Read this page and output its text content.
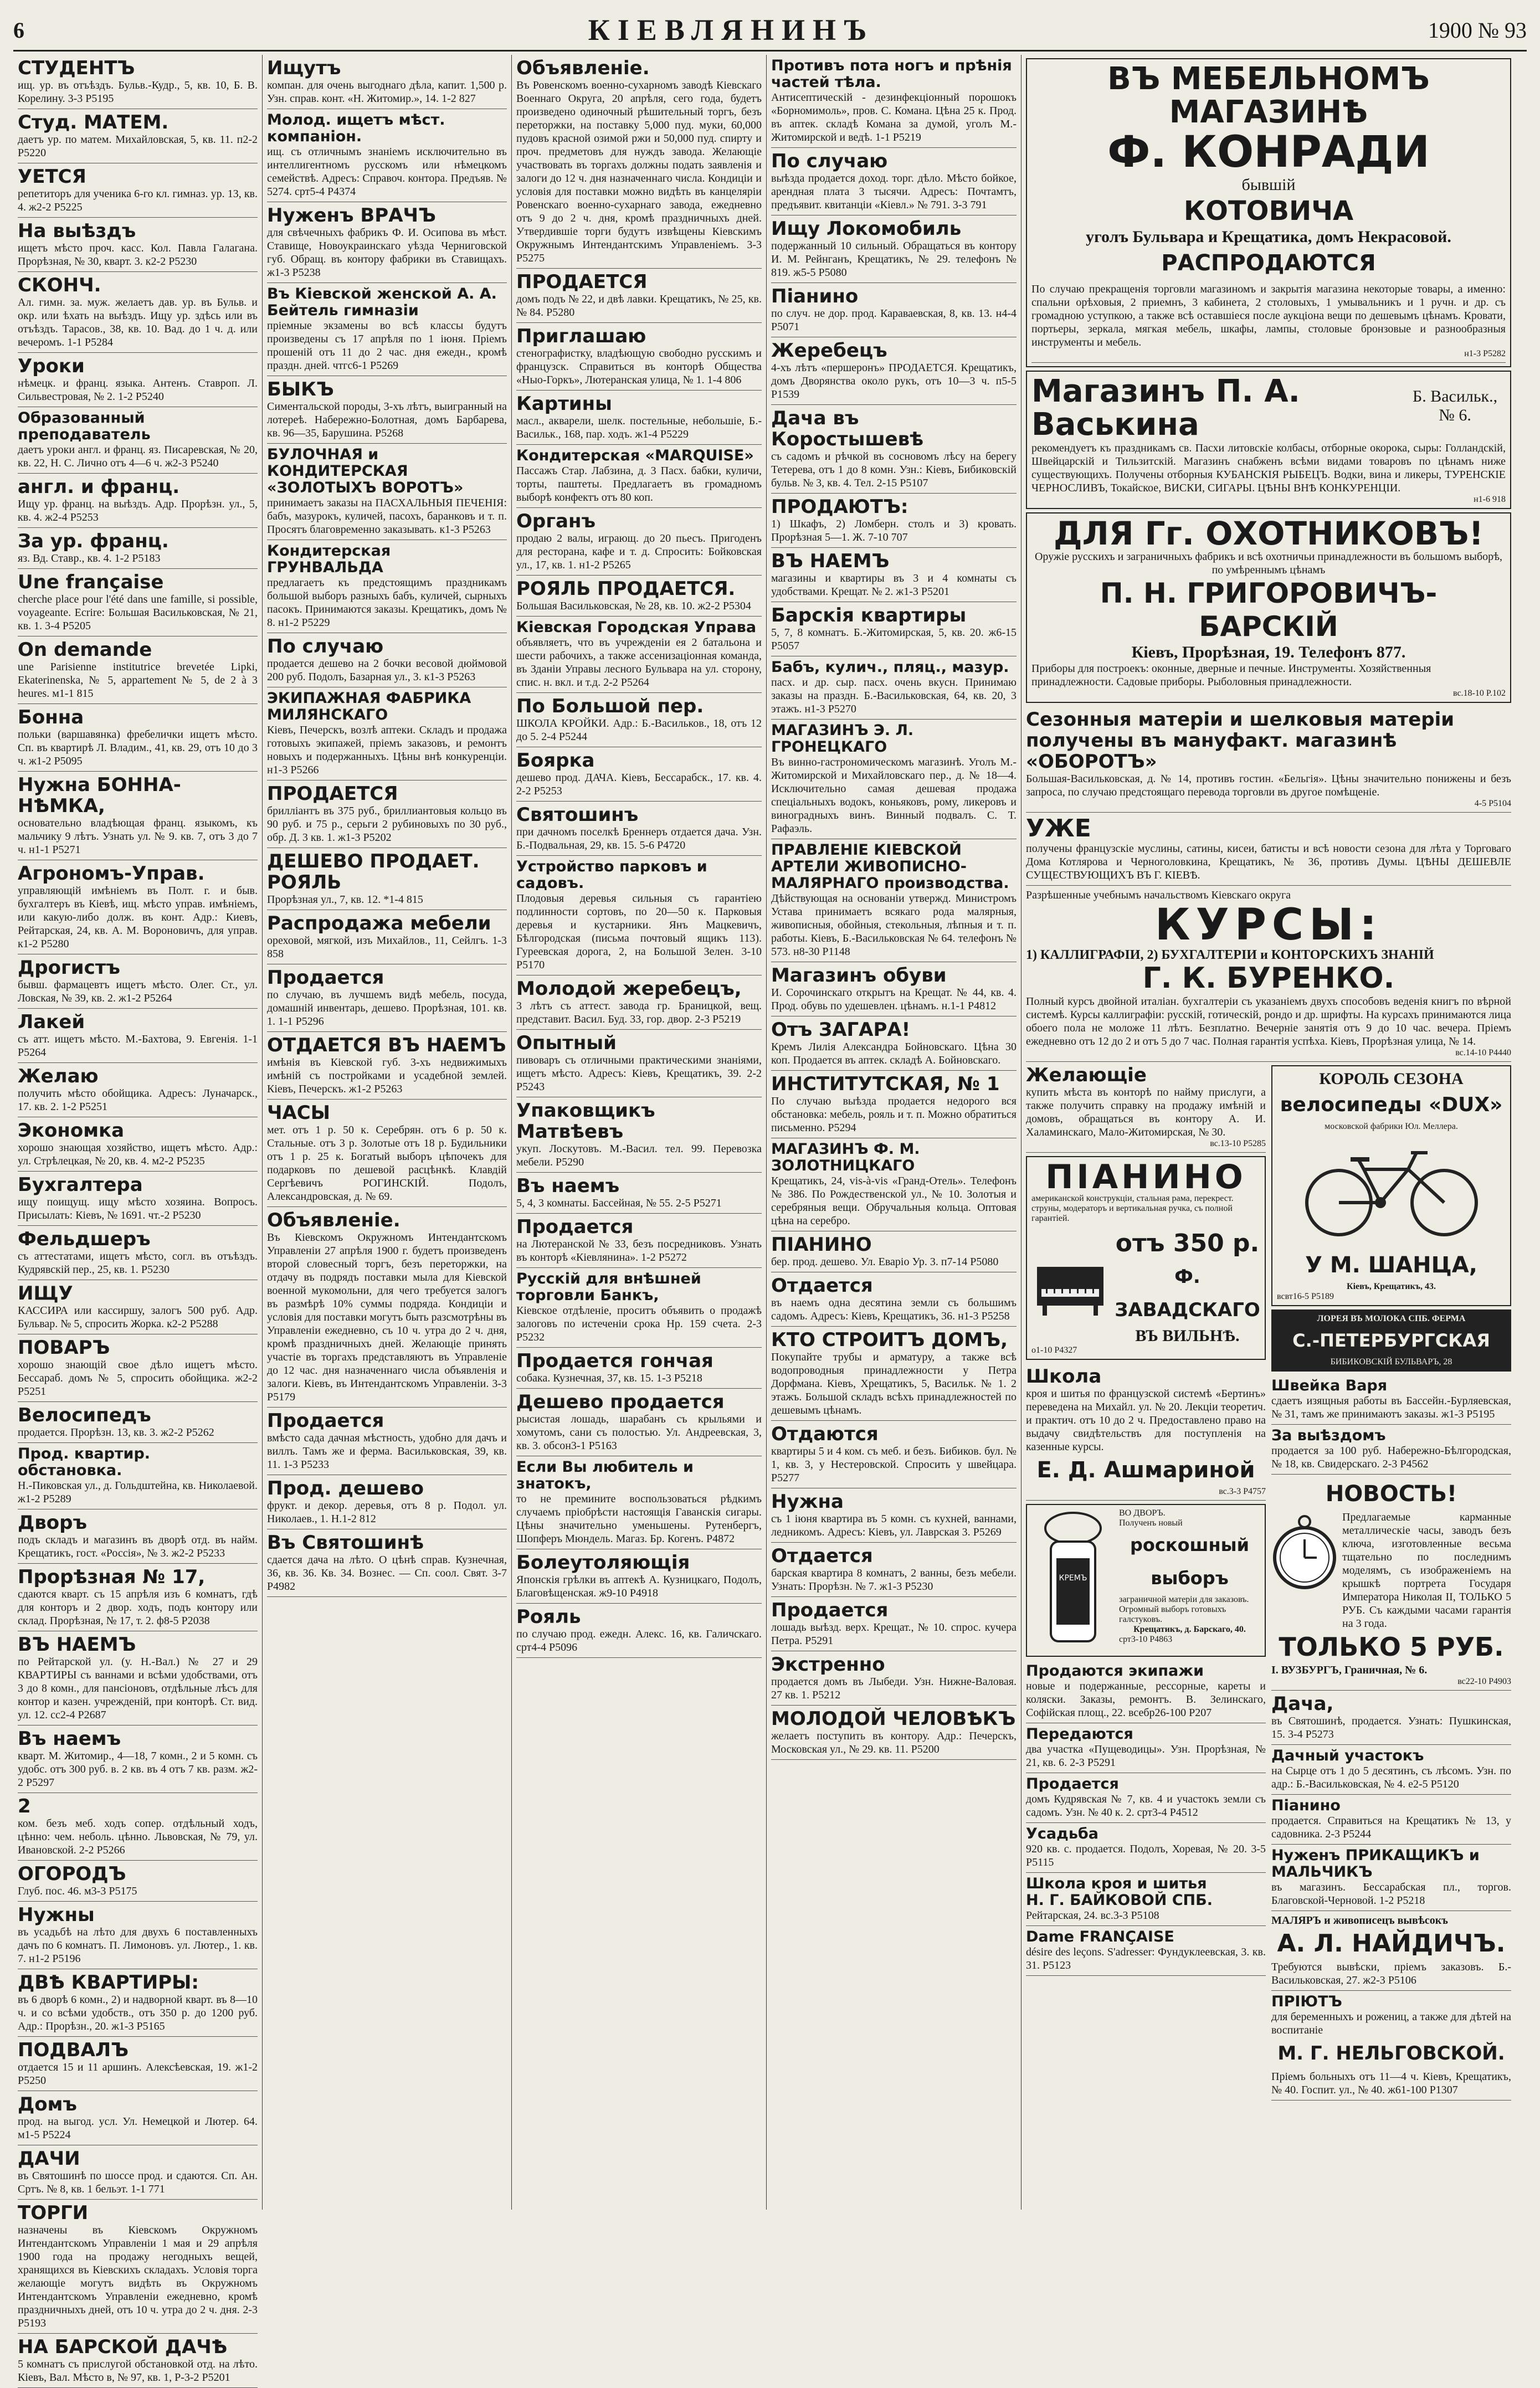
6	КІЕВЛЯНИНЪ	1900 № 93
СТУДЕНТЪ
ищ. ур. въ отъѣздъ. Бульв.-Кудр., 5, кв. 10, Б. В. Корелину. 3-3 P5195
Студ. МАТЕМ.
даетъ ур. по матем. Михайловская, 5, кв. 11. п2-2 P5220
УЕТСЯ
репетиторъ для ученика 6-го кл. гимназ. ур. 13, кв. 4. ж2-2 P5225
На выѣздъ
ищетъ мѣсто проч. касс. Кол. Павла Галагана. Прорѣзная, № 30, кварт. 3. к2-2 P5230
СКОНЧ.
Ал. гимн. за. муж. желаетъ дав. ур. въ Бульв. и окр. или ѣхать на выѣздъ. Ищу ур. здѣсь или въ отъѣздъ. Тарасов., 38, кв. 10. Вад. до 1 ч. д. или вечеромъ. 1-1 P5284
Уроки
нѣмецк. и франц. языка. Антенъ. Ставроп. Л. Сильвестровая, № 2. 1-2 P5240
Образованный преподаватель
даетъ уроки англ. и франц. яз. Писаревская, № 20, кв. 22, Н. С. Лично отъ 4—6 ч. ж2-3 P5240
англ. и франц.
Ищу ур. франц. на выѣздъ. Адр. Прорѣзн. ул., 5, кв. 4. ж2-4 P5253
За ур. франц.
яз. Вд. Ставр., кв. 4. 1-2 P5183
Une française
cherche place pour l'été dans une famille, si possible, voyageante. Ecrire: Большая Васильковская, № 21, кв. 1. 3-4 P5205
On demande
une Parisienne institutrice brevetée Lipki, Ekaterinenska, № 5, appartement № 5, de 2 à 3 heures. м1-1 815
Бонна
польки (варшавянка) фребелички ищетъ мѣсто. Сп. въ квартирѣ Л. Владим., 41, кв. 29, отъ 10 до 3 ч. ж1-2 P5095
Нужна БОННА-НѢМКА,
основательно владѣющая франц. языкомъ, къ мальчику 9 лѣтъ. Узнать ул. № 9. кв. 7, отъ 3 до 7 ч. н1-1 P5271
Агрономъ-Управ.
управляющій имѣніемъ въ Полт. г. и быв. бухгалтеръ въ Кіевѣ, ищ. мѣсто управ. имѣніемъ, или какую-либо долж. въ конт. Адр.: Киевъ, Рейтарская, 24, кв. А. М. Вороновичъ, для управ. к1-2 P5280
Дрогистъ
бывш. фармацевтъ ищетъ мѣсто. Олег. Ст., ул. Ловская, № 39, кв. 2. ж1-2 P5264
Лакей
съ атт. ищетъ мѣсто. М.-Бахтова, 9. Евгенія. 1-1 P5264
Желаю
получить мѣсто обойщика. Адресъ: Луначарск., 17. кв. 2. 1-2 P5251
Экономка
хорошо знающая хозяйство, ищетъ мѣсто. Адр.: ул. Стрѣлецкая, № 20, кв. 4. м2-2 P5235
Бухгалтера
ищу поищущ. ищу мѣсто хозяина. Вопросъ. Присылать: Кіевъ, № 1691. чт.-2 P5230
Фельдшеръ
съ аттестатами, ищетъ мѣсто, согл. въ отъѣздъ. Кудрявскій пер., 25, кв. 1. P5230
ИЩУ
КАССИРА или кассиршу, залогъ 500 руб. Адр. Бульвар. № 5, спросить Жорка. к2-2 P5288
ПОВАРЪ
хорошо знающій свое дѣло ищетъ мѣсто. Бессараб. домъ № 5, спросить обойщика. ж2-2 P5251
Велосипедъ
продается. Прорѣзн. 13, кв. 3. ж2-2 P5262
Прод. квартир. обстановка.
Н.-Пиковская ул., д. Гольдштейна, кв. Николаевой. ж1-2 P5289
Дворъ
подъ складъ и магазинъ въ дворѣ отд. въ найм. Крещатикъ, гост. «Россія», № 3. ж2-2 P5233
Прорѣзная № 17,
сдаются кварт. съ 15 апрѣля изъ 6 комнатъ, гдѣ для конторъ и 2 двор. ходъ, подъ контору или склад. Прорѣзная, № 17, т. 2. ф8-5 P2038
ВЪ НАЕМЪ
по Рейтарской ул. (у. Н.-Вал.) № 27 и 29 КВАРТИРЫ съ ваннами и всѣми удобствами, отъ 3 до 8 комн., для пансіоновъ, отдѣльные лѣсъ для контор и казен. учрежденій, при конторѣ. Ст. вид. ул. 12. сс2-4 P2687
Въ наемъ
кварт. М. Житомир., 4—18, 7 комн., 2 и 5 комн. съ удобс. отъ 300 руб. в. 2 кв. въ 4 отъ 7 кв. разм. ж2-2 P5297
2
ком. безъ меб. ходъ сопер. отдѣльный ходъ, цѣнно: чем. неболь. цѣнно. Львовская, № 79, ул. Ивановской. 2-2 P5266
ОГОРОДЪ
Глуб. пос. 46. м3-3 P5175
Нужны
въ усадьбѣ на лѣто для двухъ 6 поставленныхъ дачъ по 6 комнатъ. П. Лимоновъ. ул. Лютер., 1. кв. 7. н1-2 P5196
ДВѢ КВАРТИРЫ:
въ 6 дворѣ 6 комн., 2) и надворной кварт. въ 8—10 ч. и со всѣми удобств., отъ 350 р. до 1200 руб. Адр.: Прорѣзн., 20. ж1-3 P5165
ПОДВАЛЪ
отдается 15 и 11 аршинъ. Алексѣевская, 19. ж1-2 P5250
Домъ
прод. на выгод. усл. Ул. Немецкой и Лютер. 64. м1-5 P5224
ДАЧИ
въ Святошинѣ по шоссе прод. и сдаются. Сп. Ан. Сртъ. № 8, кв. 1 бельэт. 1-1 771
ТОРГИ
назначены въ Кіевскомъ Окружномъ Интендантскомъ Управленіи 1 мая и 29 апрѣля 1900 года на продажу негодныхъ вещей, хранящихся въ Кіевскихъ складахъ. Условія торга желающіе могутъ видѣть въ Окружномъ Интендантскомъ Управленіи ежедневно, кромѣ праздничныхъ дней, отъ 10 ч. утра до 2 ч. дня. 2-3 P5193
НА БАРСКОЙ ДАЧѢ
5 комнатъ съ прислугой обстановкой отд. на лѣто. Кіевъ, Вал. Мѣсто в, № 97, кв. 1, P-3-2 P5201
Ищутъ
компан. для очень выгоднаго дѣла, капит. 1,500 р. Узн. справ. конт. «Н. Житомир.», 14. 1-2 827
Молод. ищетъ мѣст. компаніон.
ищ. съ отличнымъ знаніемъ исключительно въ интеллигентномъ русскомъ или нѣмецкомъ семействѣ. Адресъ: Справоч. контора. Предъяв. № 5274. срт5-4 P4374
Нуженъ ВРАЧЪ
для свѣчечныхъ фабрикъ Ф. И. Осипова въ мѣст. Ставище, Новоукраинскаго уѣзда Черниговской губ. Обращ. въ контору фабрики въ Ставищахъ. ж1-3 P5238
Въ Кіевской женской А. А. Бейтель гимназіи
пріемные экзамены во всѣ классы будутъ произведены съ 17 апрѣля по 1 іюня. Пріемъ прошеній отъ 11 до 2 час. дня ежедн., кромѣ праздн. дней. чтгс6-1 P5269
БЫКЪ
Симентальской породы, 3-хъ лѣтъ, выигранный на лотереѣ. Набережно-Болотная, домъ Барбарева, кв. 96—35, Барушина. P5268
БУЛОЧНАЯ и КОНДИТЕРСКАЯ «ЗОЛОТЫХЪ ВОРОТЪ»
принимаетъ заказы на ПАСХАЛЬНЫЯ ПЕЧЕНІЯ: бабъ, мазурокъ, куличей, пасохъ, баранковъ и т. п. Просятъ благовременно заказывать. к1-3 P5263
Кондитерская ГРУНВАЛЬДА
предлагаетъ къ предстоящимъ праздникамъ большой выборъ разныхъ бабъ, куличей, сырныхъ пасокъ. Принимаются заказы. Крещатикъ, домъ № 8. н1-2 P5229
По случаю
продается дешево на 2 бочки весовой дюймовой 200 руб. Подолъ, Базарная ул., 3. к1-3 P5263
ЭКИПАЖНАЯ ФАБРИКА МИЛЯНСКАГО
Кіевъ, Печерскъ, возлѣ аптеки. Складъ и продажа готовыхъ экипажей, пріемъ заказовъ, и ремонтъ новыхъ и подержанныхъ. Цѣны внѣ конкуренціи. н1-3 P5266
ПРОДАЕТСЯ
брилліантъ въ 375 руб., бриллиантовыя кольцо въ 90 руб. и 75 р., серьги 2 рубиновыхъ по 30 руб., обр. Д. 3 кв. 1. ж1-3 P5202
ДЕШЕВО ПРОДАЕТ. РОЯЛЬ
Прорѣзная ул., 7, кв. 12. *1-4 815
Распродажа мебели
ореховой, мягкой, изъ Михайлов., 11, Сейлгь. 1-3 858
Продается
по случаю, въ лучшемъ видѣ мебель, посуда, домашній инвентарь, дешево. Прорѣзная, 101. кв. 1. 1-1 P5296
ОТДАЕТСЯ ВЪ НАЕМЪ
имѣнія въ Кіевской губ. 3-хъ недвижимыхъ имѣній съ постройками и усадебной землей. Кіевъ, Печерскъ. ж1-2 P5263
ЧАСЫ
мет. отъ 1 р. 50 к. Серебрян. отъ 6 р. 50 к. Стальные. отъ 3 р. Золотые отъ 18 р. Будильники отъ 1 р. 25 к. Богатый выборъ цѣпочекъ для подарковъ по дешевой расцѣнкѣ. Клавдій Сергѣевичъ РОГИНСКІЙ. Подолъ, Александровская, д. № 69.
Объявленіе.
Въ Кіевскомъ Окружномъ Интендантскомъ Управленіи 27 апрѣля 1900 г. будетъ произведенъ второй словесный торгъ, безъ переторжки, на отдачу въ подрядъ поставки мыла для Кіевской военной мукомольни, для чего требуется залогъ въ размѣрѣ 10% суммы подряда. Кондиціи и условія для поставки могутъ быть разсмотрѣны въ Управленіи ежедневно, съ 10 ч. утра до 2 ч. дня, кромѣ праздничныхъ дней. Желающіе принять участіе въ торгахъ представляютъ въ Управленіе до 12 час. дня назначеннаго числа объявленія и залоги. Кіевъ, въ Интендантскомъ Управленіи. 3-3 P5179
Продается
вмѣсто сада дачная мѣстность, удобно для дачъ и виллъ. Тамъ же и ферма. Васильковская, 39, кв. 11. 1-3 P5233
Прод. дешево
фрукт. и декор. деревья, отъ 8 р. Подол. ул. Николаев., 1. Н.1-2 812
Въ Святошинѣ
сдается дача на лѣто. О цѣнѣ справ. Кузнечная, 36, кв. 36. Кв. 34. Вознес. — Сп. соол. Свят. 3-7 P4982
Объявленіе.
Въ Ровенскомъ военно-сухарномъ заводѣ Кіевскаго Военнаго Округа, 20 апрѣля, сего года, будетъ произведено одиночный рѣшительный торгъ, безъ переторжки, на поставку 5,000 пуд. муки, 60,000 пудовъ красной озимой ржи и 50,000 пуд. спирту и проч. предметовъ для нуждъ завода. Желающіе участвовать въ торгахъ должны подать заявленія и залоги до 12 ч. дня назначеннаго числа. Кондиціи и условія для поставки можно видѣть въ канцеляріи Ровенскаго военно-сухарнаго завода, ежедневно отъ 9 до 2 ч. дня, кромѣ праздничныхъ дней. Утвердившіе торги будутъ извѣщены Кіевскимъ Окружнымъ Интендантскимъ Управленіемъ. 3-3 P5275
ПРОДАЕТСЯ
домъ подъ № 22, и двѣ лавки. Крещатикъ, № 25, кв. № 84. P5280
Приглашаю
стенографистку, владѣющую свободно русскимъ и французск. Справиться въ конторѣ Общества «Ныо-Горкъ», Лютеранская улица, № 1. 1-4 806
Картины
масл., акварели, шелк. постельные, небольшіе, Б.-Васильк., 168, пар. ходъ. ж1-4 P5229
Кондитерская «MARQUISE»
Пассажъ Стар. Лабзина, д. 3 Пасх. бабки, куличи, торты, паштеты. Предлагаетъ въ громадномъ выборѣ конфектъ отъ 80 коп.
Органъ
продаю 2 валы, играющ. до 20 пьесъ. Пригоденъ для ресторана, кафе и т. д. Спросить: Бойковская ул., 17, кв. 1. н1-2 P5265
РОЯЛЬ ПРОДАЕТСЯ.
Большая Васильковская, № 28, кв. 10. ж2-2 P5304
Кіевская Городская Управа
объявляетъ, что въ учрежденіи ея 2 батальона и шести рабочихъ, а также ассенизаціонная команда, въ Зданіи Управы лесного Бульвара на ул. сторону, спис. н. вкл. и т.д. 2-2 P5264
По Большой пер.
ШКОЛА КРОЙКИ. Адр.: Б.-Васильков., 18, отъ 12 до 5. 2-4 P5244
Боярка
дешево прод. ДАЧА. Кіевъ, Бессарабск., 17. кв. 4. 2-2 P5253
Святошинъ
при дачномъ поселкѣ Бреннеръ отдается дача. Узн. Б.-Подвальная, 29, кв. 15. 5-6 P4720
Устройство парковъ и садовъ.
Плодовыя деревья сильныя съ гарантіею подлинности сортовъ, по 20—50 к. Парковыя деревья и кустарники. Янъ Мацкевичъ, Бѣлгородская (письма почтовый ящикъ 113). Гуреевская дорога, 2, на Большой Зелен. 3-10 P5170
Молодой жеребецъ,
3 лѣтъ съ аттест. завода гр. Браницкой, вещ. представит. Васил. Буд. 33, гор. двор. 2-3 P5219
Опытный
пивоваръ съ отличными практическими знаніями, ищетъ мѣсто. Адресъ: Кіевъ, Крещатикъ, 39. 2-2 P5243
Упаковщикъ Матвѣевъ
укуп. Лоскутовъ. М.-Васил. тел. 99. Перевозка мебели. P5290
Въ наемъ
5, 4, 3 комнаты. Бассейная, № 55. 2-5 P5271
Продается
на Лютеранской № 33, безъ посредниковъ. Узнать въ конторѣ «Кіевлянина». 1-2 P5272
Русскій для внѣшней торговли Банкъ,
Кіевское отдѣленіе, проситъ объявить о продажѣ залоговъ по истеченіи срока Нр. 159 счета. 2-3 P5232
Продается гончая
собака. Кузнечная, 37, кв. 15. 1-3 P5218
Дешево продается
рысистая лошадь, шарабанъ съ крыльями и хомутомъ, сани съ полостью. Ул. Андреевская, 3, кв. 3. обсон3-1 P5163
Если Вы любитель и знатокъ,
то не премините воспользоваться рѣдкимъ случаемъ пріобрѣсти настоящія Гаванскія сигары. Цѣны значительно уменьшены. Рутенбергъ, Шопферъ Мюндель. Магаз. Бр. Когенъ. P4872
Болеутоляющія
Японскія грѣлки въ аптекѣ А. Кузницкаго, Подолъ, Благовѣщенская. ж9-10 P4918
Рояль
по случаю прод. ежедн. Алекс. 16, кв. Галичскаго. срт4-4 P5096
Противъ пота ногъ и прѣнія частей тѣла.
Антисептическій - дезинфекціонный порошокъ «Борномимоль», пров. С. Комана. Цѣна 25 к. Прод. въ аптек. складѣ Комана за думой, уголъ М.-Житомирской и ведѣ. 1-1 P5219
По случаю
выѣзда продается доход. торг. дѣло. Мѣсто бойкое, арендная плата 3 тысячи. Адресъ: Почтамтъ, предъявит. квитанціи «Кіевл.» № 791. 3-3 791
Ищу Локомобиль
подержанный 10 сильный. Обращаться въ контору И. М. Рейнганъ, Крещатикъ, № 29. телефонъ № 819. ж5-5 P5080
Піанино
по случ. не дор. прод. Караваевская, 8, кв. 13. н4-4 P5071
Жеребецъ
4-хъ лѣтъ «першеронъ» ПРОДАЕТСЯ. Крещатикъ, домъ Дворянства около рукъ, отъ 10—3 ч. п5-5 P1539
Дача въ Коростышевѣ
съ садомъ и рѣчкой въ сосновомъ лѣсу на берегу Тетерева, отъ 1 до 8 комн. Узн.: Кіевъ, Бибиковскій бульв. № 3, кв. 4. Тел. 2-15 P5107
ПРОДАЮТЪ:
1) Шкафъ, 2) Ломберн. столъ и 3) кровать. Прорѣзная 5—1. Ж. 7-10 707
ВЪ НАЕМЪ
магазины и квартиры въ 3 и 4 комнаты съ удобствами. Крещат. № 2. ж1-3 P5201
Барскія квартиры
5, 7, 8 комнатъ. Б.-Житомирская, 5, кв. 20. ж6-15 P5057
Бабъ, кулич., пляц., мазур.
пасх. и др. сыр. пасх. очень вкусн. Принимаю заказы на праздн. Б.-Васильковская, 64, кв. 20, 3 этажъ. н1-3 P5270
МАГАЗИНЪ Э. Л. ГРОНЕЦКАГО
Въ винно-гастрономическомъ магазинѣ. Уголъ М.-Житомирской и Михайловскаго пер., д. № 18—4. Исключительно самая дешевая продажа спеціальныхъ водокъ, коньяковъ, рому, ликеровъ и виноградныхъ винъ. Винный подвалъ. С. Т. Рафаэль.
ПРАВЛЕНІЕ КІЕВСКОЙ АРТЕЛИ ЖИВОПИСНО-МАЛЯРНАГО производства.
Дѣйствующая на основаніи утвержд. Министромъ Устава принимаетъ всякаго рода малярныя, живописныя, обойныя, стекольныя, лѣпныя и т. п. работы. Кіевъ, Б.-Васильковская № 64. телефонъ № 573. н8-30 P1148
Магазинъ обуви
И. Сорочинскаго открытъ на Крещат. № 44, кв. 4. Прод. обувь по удешевлен. цѣнамъ. н.1-1 P4812
Отъ ЗАГАРА!
Кремъ Лилія Александра Бойновскаго. Цѣна 30 коп. Продается въ аптек. складѣ А. Бойновскаго.
ИНСТИТУТСКАЯ, № 1
По случаю выѣзда продается недорого вся обстановка: мебель, рояль и т. п. Можно обратиться письменно. P5294
МАГАЗИНЪ Ф. М. ЗОЛОТНИЦКАГО
Крещатикъ, 24, vis-à-vis «Гранд-Отель». Телефонъ № 386. По Рождественской ул., № 10. Золотыя и серебряныя вещи. Обручальныя кольца. Оптовая цѣна на серебро.
ПІАНИНО
бер. прод. дешево. Ул. Еваріо Ур. 3. п7-14 P5080
Отдается
въ наемъ одна десятина земли съ большимъ садомъ. Адресъ: Кіевъ, Крещатикъ, 36. н1-3 P5258
КТО СТРОИТЪ ДОМЪ,
Покупайте трубы и арматуру, а также всѣ водопроводныя принадлежности у Петра Дорфмана. Кіевъ, Хрещатикъ, 5, Васильк. № 1. 2 этажъ. Большой складъ всѣхъ принадлежностей по дешевымъ цѣнамъ.
Отдаются
квартиры 5 и 4 ком. съ меб. и безъ. Бибиков. бул. № 1, кв. 3, у Нестеровской. Спросить у швейцара. P5277
Нужна
съ 1 іюня квартира въ 5 комн. съ кухней, ваннами, ледникомъ. Адресъ: Кіевъ, ул. Лаврская 3. P5269
Отдается
барская квартира 8 комнатъ, 2 ванны, безъ мебели. Узнать: Прорѣзн. № 7. ж1-3 P5230
Продается
лошадь выѣзд. верх. Крещат., № 10. спрос. кучера Петра. P5291
Экстренно
продается домъ въ Лыбеди. Узн. Нижне-Валовая. 27 кв. 1. P5212
МОЛОДОЙ ЧЕЛОВѢКЪ
желаетъ поступить въ контору. Адр.: Печерскъ, Московская ул., № 29. кв. 11. P5200
ВЪ МЕБЕЛЬНОМЪ МАГАЗИНѢ
Ф. КОНРАДИ
бывшій
КОТОВИЧА
уголъ Бульвара и Крещатика, домъ Некрасовой.
РАСПРОДАЮТСЯ
По случаю прекращенія торговли магазиномъ и закрытія магазина некоторые товары, а именно: спальни орѣховыя, 2 приемнъ, 3 кабинета, 2 столовыхъ, 1 умывальникъ и 1 ручн. и др. съ громадною уступкою, а также всѣ оставшіеся после аукціона вещи по дешевымъ цѣнамъ. Кровати, портьеры, зеркала, мягкая мебель, шкафы, лампы, столовые бронзовые и разнообразныя инструменты и мебель.
н1-3 P5282
Магазинъ П. А. Васькина
Б. Васильк., № 6.
рекомендуетъ къ праздникамъ св. Пасхи литовскіе колбасы, отборные окорока, сыры: Голландскій, Швейцарскій и Тильзитскій. Магазинъ снабженъ всѣми видами товаровъ по цѣнамъ ниже существующихъ. Получены отборныя КУБАНСКІЯ РЫБЕЦЪ. Водки, вина и ликеры, ТУРЕНСКІЕ ЧЕРНОСЛИВЪ, Токайское, ВИСКИ, СИГАРЫ. ЦѢНЫ ВНѢ КОНКУРЕНЦІИ.
н1-6 918
ДЛЯ Гг. ОХОТНИКОВЪ!
Оружіе русскихъ и заграничныхъ фабрикъ и всѣ охотничьи принадлежности въ большомъ выборѣ, по умѣреннымъ цѣнамъ
П. Н. ГРИГОРОВИЧЪ-БАРСКІЙ
Кіевъ, Прорѣзная, 19. Телефонъ 877.
Приборы для построекъ: оконные, дверные и печные. Инструменты. Хозяйственныя принадлежности. Садовые приборы. Рыболовныя принадлежности.
вс.18-10 P.102
Сезонныя матеріи и шелковыя матеріи получены въ мануфакт. магазинѣ «ОБОРОТЪ»
Большая-Васильковская, д. № 14, противъ гостин. «Бельгія». Цѣны значительно понижены и безъ запроса, по случаю предстоящаго перевода торговли въ другое помѣщеніе.
4-5 P5104
УЖЕ
получены французскіе муслины, сатины, кисеи, батисты и всѣ новости сезона для лѣта у Торговаго Дома Котлярова и Черноголовкина, Крещатикъ, № 36, противъ Думы. ЦѢНЫ ДЕШЕВЛЕ СУЩЕСТВУЮЩИХЪ ВЪ Г. КІЕВѢ.
Разрѣшенные учебнымъ начальствомъ Кіевскаго округа
КУРСЫ:
1) КАЛЛИГРАФІИ, 2) БУХГАЛТЕРІИ и КОНТОРСКИХЪ ЗНАНІЙ
Г. К. БУРЕНКО.
Полный курсъ двойной италіан. бухгалтеріи съ указаніемъ двухъ способовъ веденія книгъ по вѣрной системѣ. Курсы каллиграфіи: русскій, готическій, рондо и др. шрифты. На курсахъ принимаются лица обоего пола не моложе 11 лѣтъ. Безплатно. Вечерніе занятія отъ 9 до 10 час. вечера. Пріемъ ежедневно отъ 12 до 2 и отъ 5 до 7 час. Полная гарантія успѣха. Кіевъ, Прорѣзная улица, № 14.
вс.14-10 P4440
Желающіе
купить мѣста въ конторѣ по найму прислуги, а также получить справку на продажу имѣній и домовъ, обращаться въ контору А. И. Халаминскаго, Мало-Житомирская, № 30.
вс.13-10 P5285
ПІАНИНО
американской конструкціи, стальная рама, перекрест. струны, модераторъ и вертикальная ручка, съ полной гарантіей.
отъ 350 р.
Ф. ЗАВАДСКАГО
ВЪ ВИЛЬНѢ.
о1-10 P4327
Школа
кроя и шитья по французской системѣ «Бертинъ» переведена на Михайл. ул. № 20. Лекціи теоретич. и практич. отъ 10 до 2 ч. Предоставлено право на выдачу свидѣтельствъ для поступленія на казенные курсы.
Е. Д. Ашмариной
вс.3-3 P4757
КРЕМЪ
ВО ДВОРЪ.
Полученъ новый
роскошный выборъ
заграничной матеріи для заказовъ. Огромный выборъ готовыхъ галстуковъ.
Крещатикъ, д. Барскаго, 40.
срт3-10 P4863
Продаются экипажи
новые и подержанные, рессорные, кареты и коляски. Заказы, ремонтъ. В. Зелинскаго, Софійская площ., 22. всебр26-100 P207
Передаются
два участка «Пущеводицы». Узн. Прорѣзная, № 21, кв. 6. 2-3 P5291
Продается
домъ Кудрявская № 7, кв. 4 и участокъ земли съ садомъ. Узн. № 40 к. 2. срт3-4 P4512
Усадьба
920 кв. с. продается. Подолъ, Хоревая, № 20. 3-5 P5115
Школа кроя и шитья
Н. Г. БАЙКОВОЙ СПБ.
Рейтарская, 24. вс.3-3 P5108
Dame FRANÇAISE
désire des leçons. S'adresser: Фундуклеевская, 3. кв. 31. P5123
КОРОЛЬ СЕЗОНА
велосипеды «DUX»
московской фабрики Юл. Меллера.
У М. ШАНЦА,
Кіевъ, Крещатикъ, 43.
всвт16-5 P5189
ЛОРЕЯ ВЪ МОЛОКА СПБ. ФЕРМА
С.-ПЕТЕРБУРГСКАЯ
БИБИКОВСКІЙ БУЛЬВАРЪ, 28
Швейка Варя
сдаетъ изящныя работы въ Бассейн.-Бурляевская, № 31, тамъ же принимаютъ заказы. ж1-3 P5195
За выѣздомъ
продается за 100 руб. Набережно-Бѣлгородская, № 18, кв. Свидерскаго. 2-3 P4562
НОВОСТЬ!
Предлагаемые карманные металлическіе часы, заводъ безъ ключа, изготовленные весьма тщательно по последнимъ моделямъ, съ изображеніемъ на крышкѣ портрета Государя Императора Николая II, ТОЛЬКО 5 РУБ. Съ каждыми часами гарантія на 3 года.
ТОЛЬКО 5 РУБ.
I. ВУЗБУРГЪ, Граничная, № 6.
вс22-10 P4903
Дача,
въ Святошинѣ, продается. Узнать: Пушкинская, 15. 3-4 P5273
Дачный участокъ
на Сырце отъ 1 до 5 десятинъ, съ лѣсомъ. Узн. по адр.: Б.-Васильковская, № 4. е2-5 P5120
Піанино
продается. Справиться на Крещатикъ № 13, у садовника. 2-3 P5244
Нуженъ ПРИКАЩИКЪ и МАЛЬЧИКЪ
въ магазинъ. Бессарабская пл., торгов. Благовской-Черновой. 1-2 P5218
МАЛЯРЪ и живописецъ вывѣсокъ
А. Л. НАЙДИЧЪ.
Требуются вывѣски, пріемъ заказовъ. Б.-Васильковская, 27. ж2-3 P5106
ПРІЮТЪ
для беременныхъ и рожениц, а также для дѣтей на воспитаніе
М. Г. НЕЛЬГОВСКОЙ.
Пріемъ больныхъ отъ 11—4 ч. Кіевъ, Крещатикъ, № 40. Госпит. ул., № 40. ж61-100 P1307
